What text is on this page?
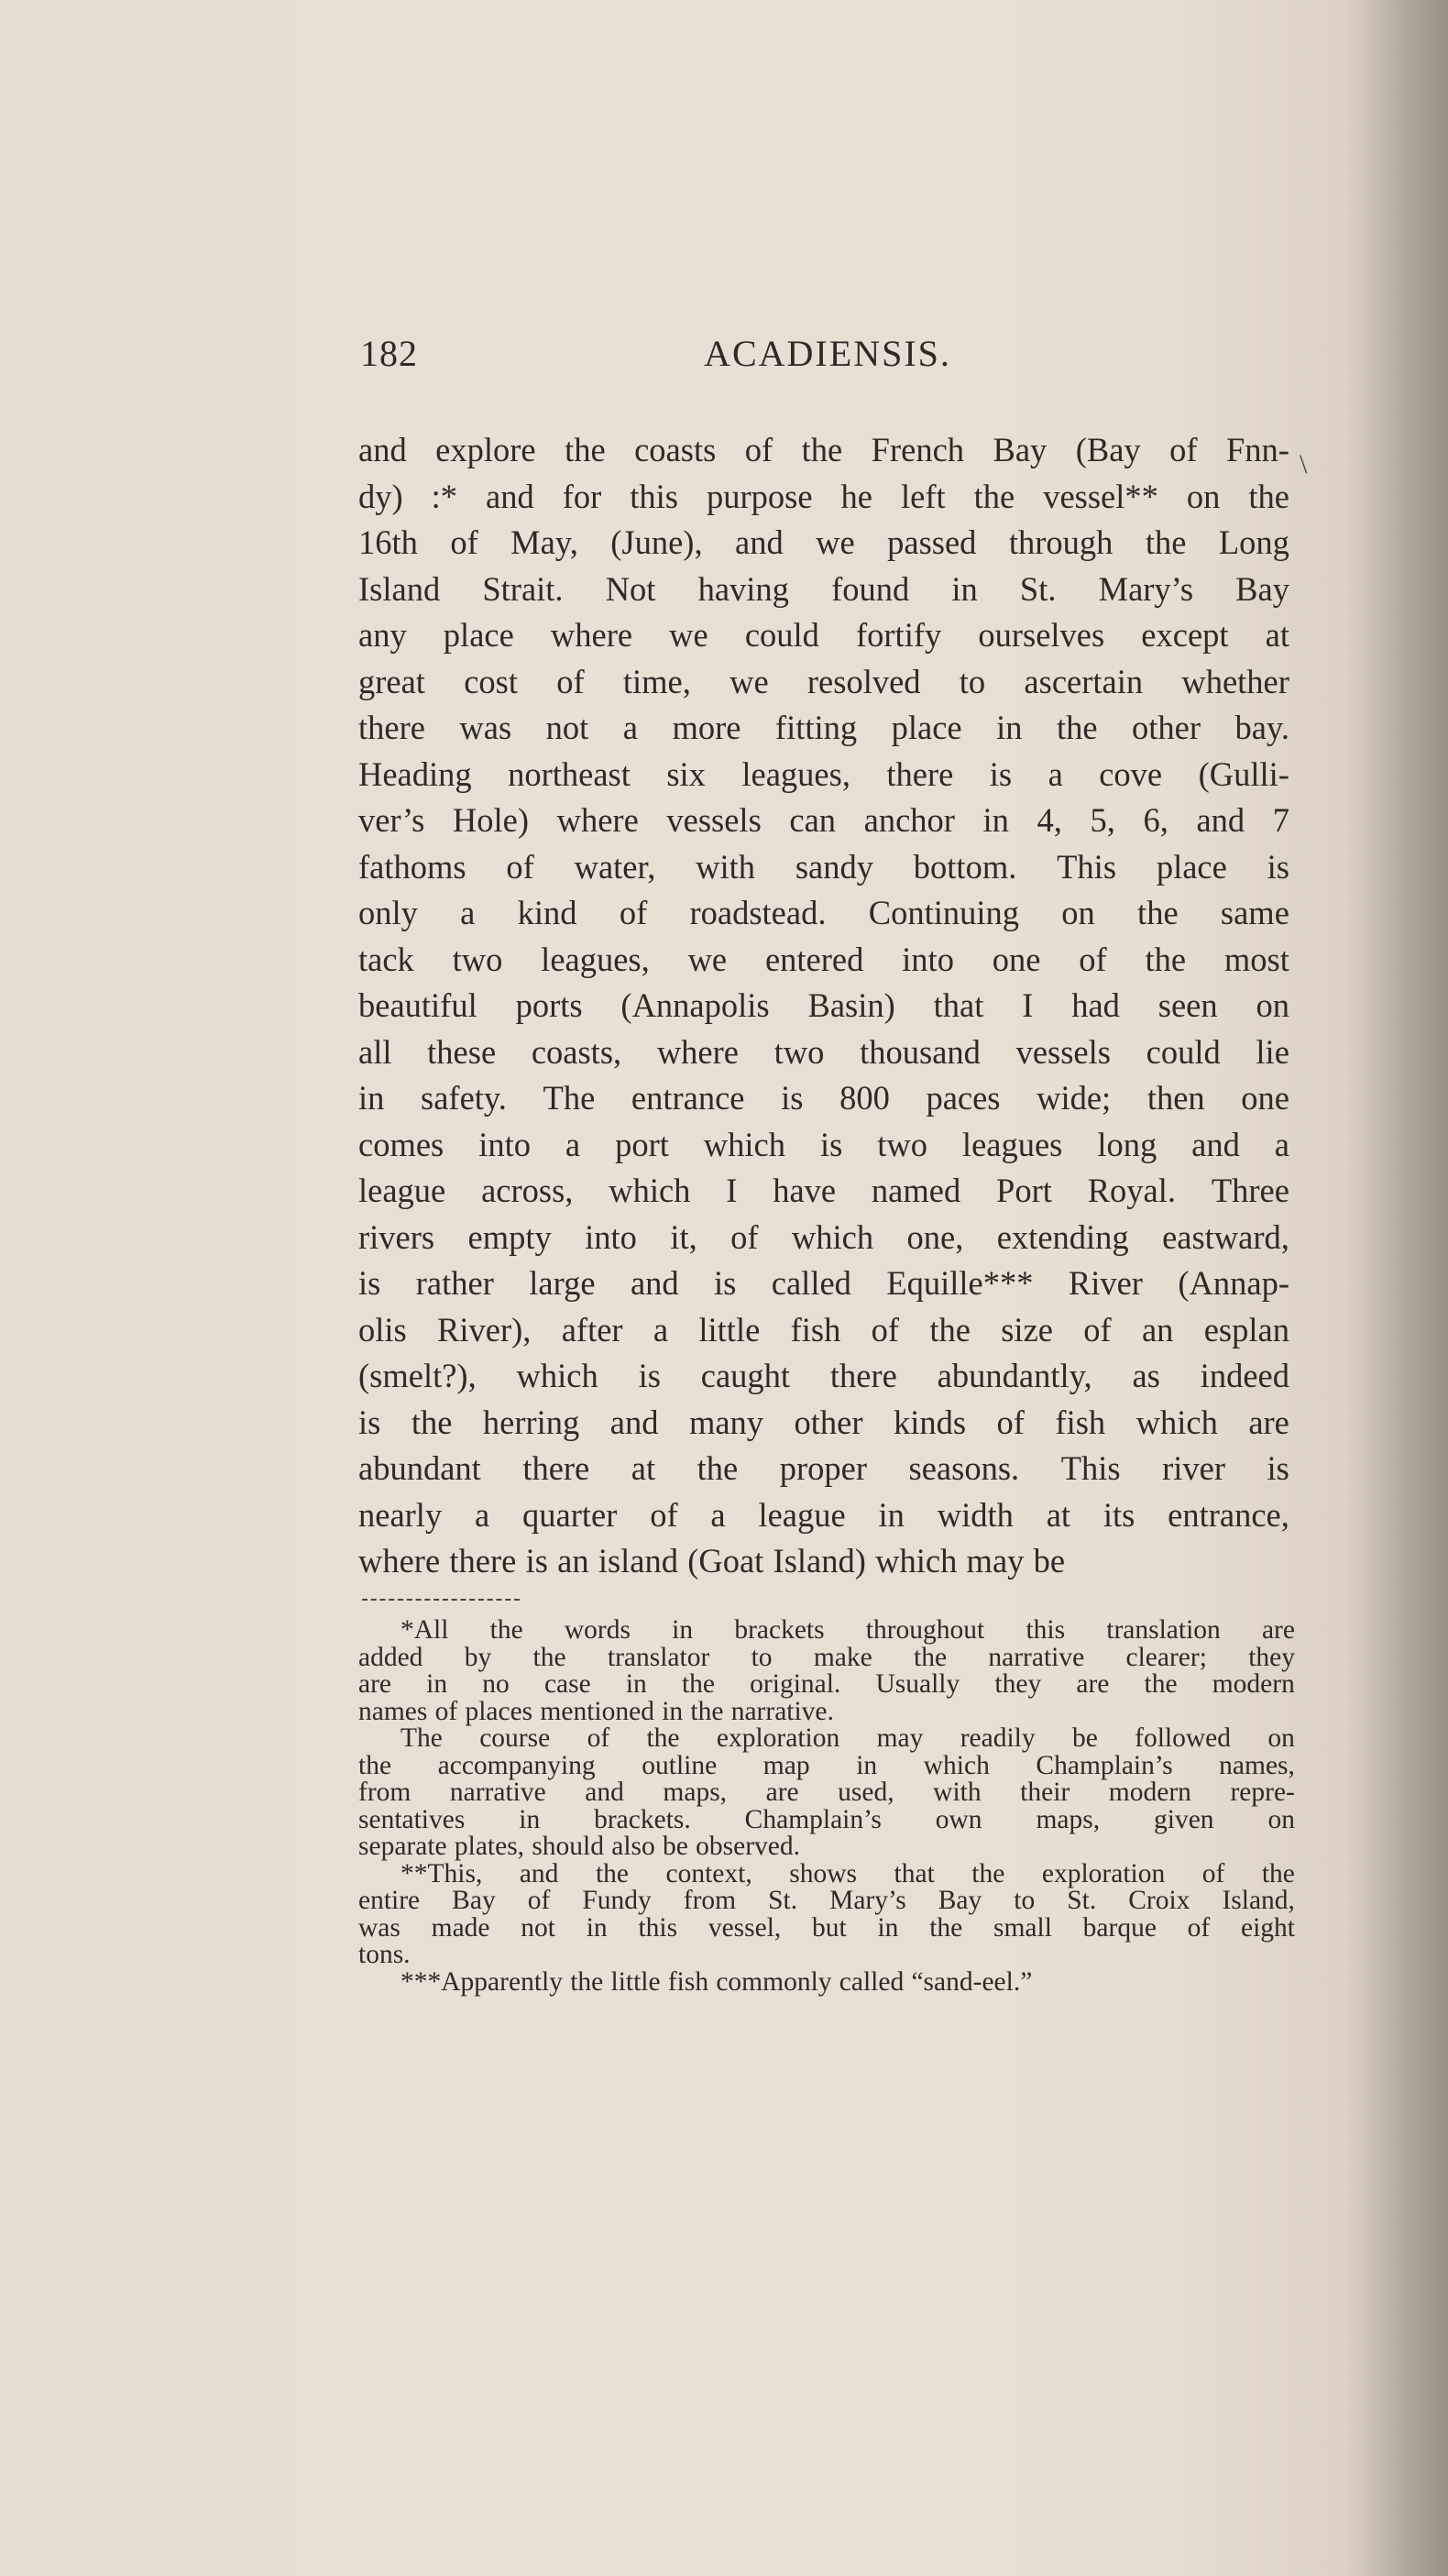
182	ACADIENSIS.
\
and explore the coasts of the French Bay (Bay of Fnn-
dy) :* and for this purpose he left the vessel** on the
16th of May, (June), and we passed through the Long
Island Strait. Not having found in St. Mary’s Bay
any place where we could fortify ourselves except at
great cost of time, we resolved to ascertain whether
there was not a more fitting place in the other bay.
Heading northeast six leagues, there is a cove (Gulli-
ver’s Hole) where vessels can anchor in 4, 5, 6, and 7
fathoms of water, with sandy bottom. This place is
only a kind of roadstead. Continuing on the same
tack two leagues, we entered into one of the most
beautiful ports (Annapolis Basin) that I had seen on
all these coasts, where two thousand vessels could lie
in safety. The entrance is 800 paces wide; then one
comes into a port which is two leagues long and a
league across, which I have named Port Royal. Three
rivers empty into it, of which one, extending eastward,
is rather large and is called Equille*** River (Annap-
olis River), after a little fish of the size of an esplan
(smelt?), which is caught there abundantly, as indeed
is the herring and many other kinds of fish which are
abundant there at the proper seasons. This river is
nearly a quarter of a league in width at its entrance,
where there is an island (Goat Island) which may be
*All the words in brackets throughout this translation are
added by the translator to make the narrative clearer; they
are in no case in the original. Usually they are the modern
names of places mentioned in the narrative.
The course of the exploration may readily be followed on
the accompanying outline map in which Champlain’s names,
from narrative and maps, are used, with their modern repre-
sentatives in brackets. Champlain’s own maps, given on
separate plates, should also be observed.
**This, and the context, shows that the exploration of the
entire Bay of Fundy from St. Mary’s Bay to St. Croix Island,
was made not in this vessel, but in the small barque of eight
tons.
***Apparently the little fish commonly called “sand-eel.”
